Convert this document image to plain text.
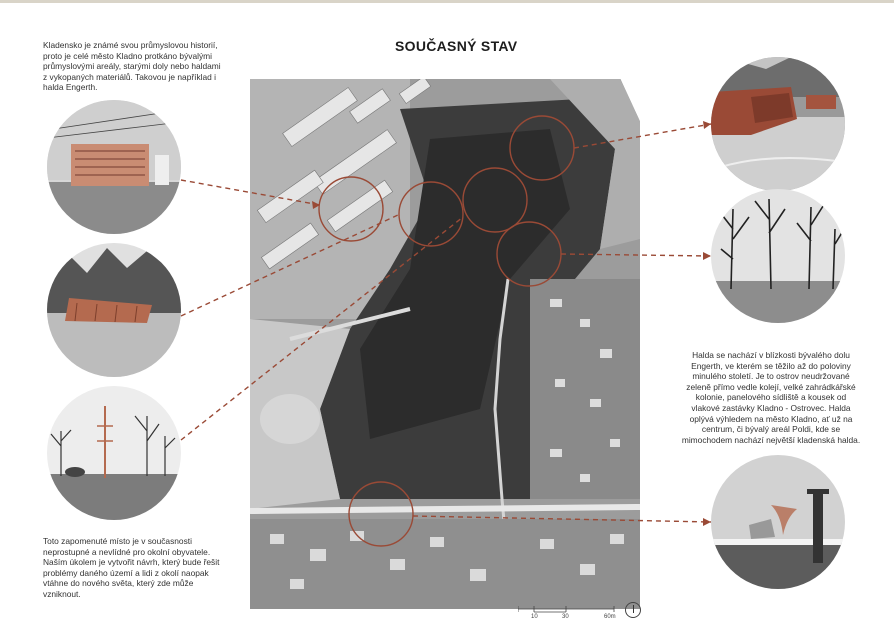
SOUČASNÝ STAV
Kladensko je známé svou průmyslovou historií, proto je celé město Kladno protkáno bývalými průmyslovými areály, starými doly nebo haldami z vykopaných materiálů. Takovou je například i halda Engerth.
Toto zapomenuté místo je v současnosti neprostupné a nevlídné pro okolní obyvatele. Naším úkolem je vytvořit návrh, který bude řešit problémy daného území a lidi z okolí naopak vtáhne do nového světa, který zde může vzniknout.
Halda se nachází v blízkosti bývalého dolu Engerth, ve kterém se těžilo až do poloviny minulého století. Je to ostrov neudržované zeleně přímo vedle kolejí, velké zahrádkářské kolonie, panelového sídliště a kousek od vlakové zastávky Kladno - Ostrovec. Halda oplývá výhledem na město Kladno, ať už na centrum, či bývalý areál Poldi, kde se mimochodem nachází největší kladenská halda.
10	30	60m
